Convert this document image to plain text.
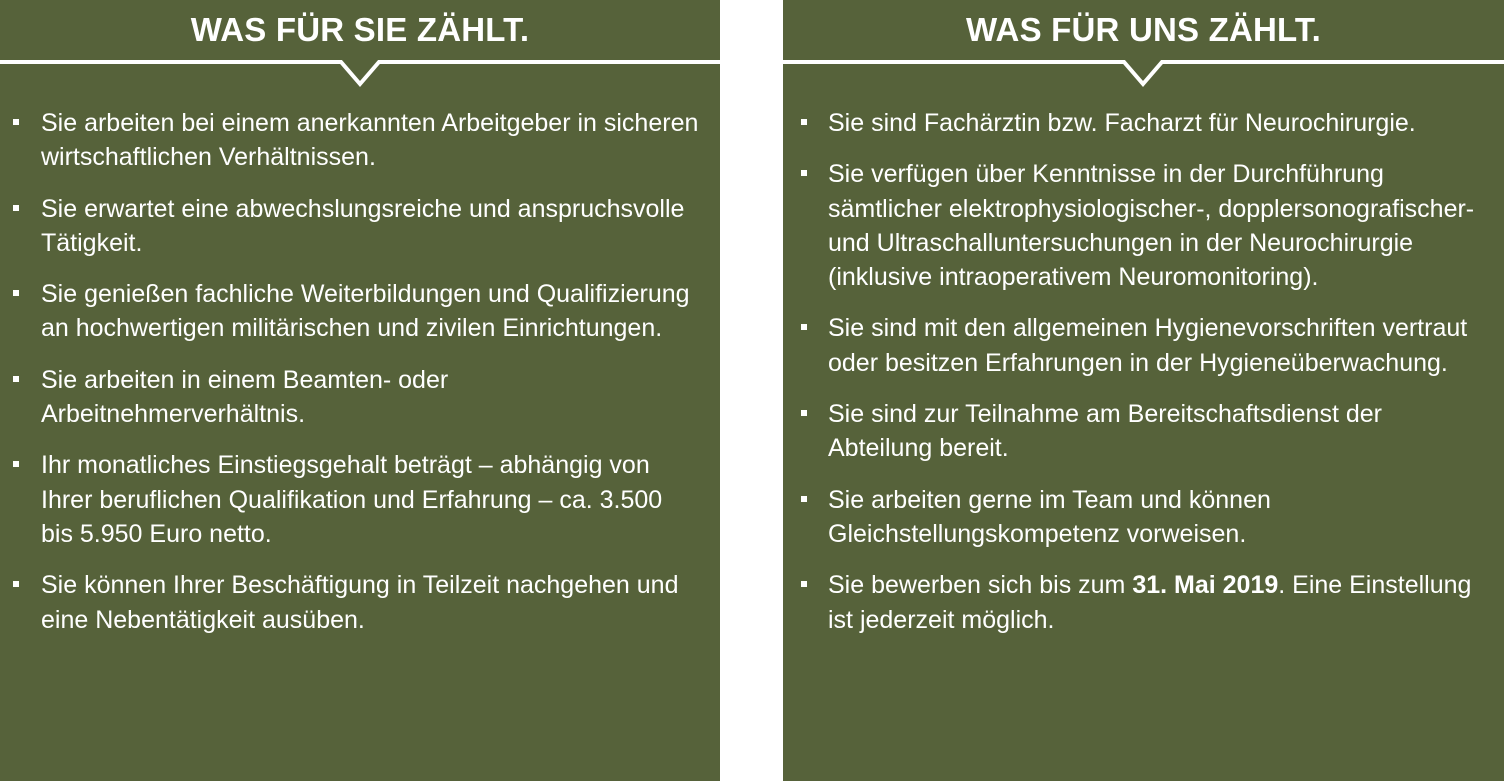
WAS FÜR SIE ZÄHLT.
Sie arbeiten bei einem anerkannten Arbeitgeber in sicheren wirtschaftlichen Verhältnissen.
Sie erwartet eine abwechslungsreiche und anspruchsvolle Tätigkeit.
Sie genießen fachliche Weiterbildungen und Qualifizierung an hochwertigen militärischen und zivilen Einrichtungen.
Sie arbeiten in einem Beamten- oder Arbeitnehmerverhältnis.
Ihr monatliches Einstiegsgehalt beträgt – abhängig von Ihrer beruflichen Qualifikation und Erfahrung – ca. 3.500 bis 5.950 Euro netto.
Sie können Ihrer Beschäftigung in Teilzeit nachgehen und eine Nebentätigkeit ausüben.
WAS FÜR UNS ZÄHLT.
Sie sind Fachärztin bzw. Facharzt für Neurochirurgie.
Sie verfügen über Kenntnisse in der Durchführung sämtlicher elektrophysiologischer-, dopplersonografischer- und Ultraschalluntersuchungen in der Neurochirurgie (inklusive intraoperativem Neuromonitoring).
Sie sind mit den allgemeinen Hygienevorschriften vertraut oder besitzen Erfahrungen in der Hygieneüberwachung.
Sie sind zur Teilnahme am Bereitschaftsdienst der Abteilung bereit.
Sie arbeiten gerne im Team und können Gleichstellungskompetenz vorweisen.
Sie bewerben sich bis zum 31. Mai 2019. Eine Einstellung ist jederzeit möglich.
